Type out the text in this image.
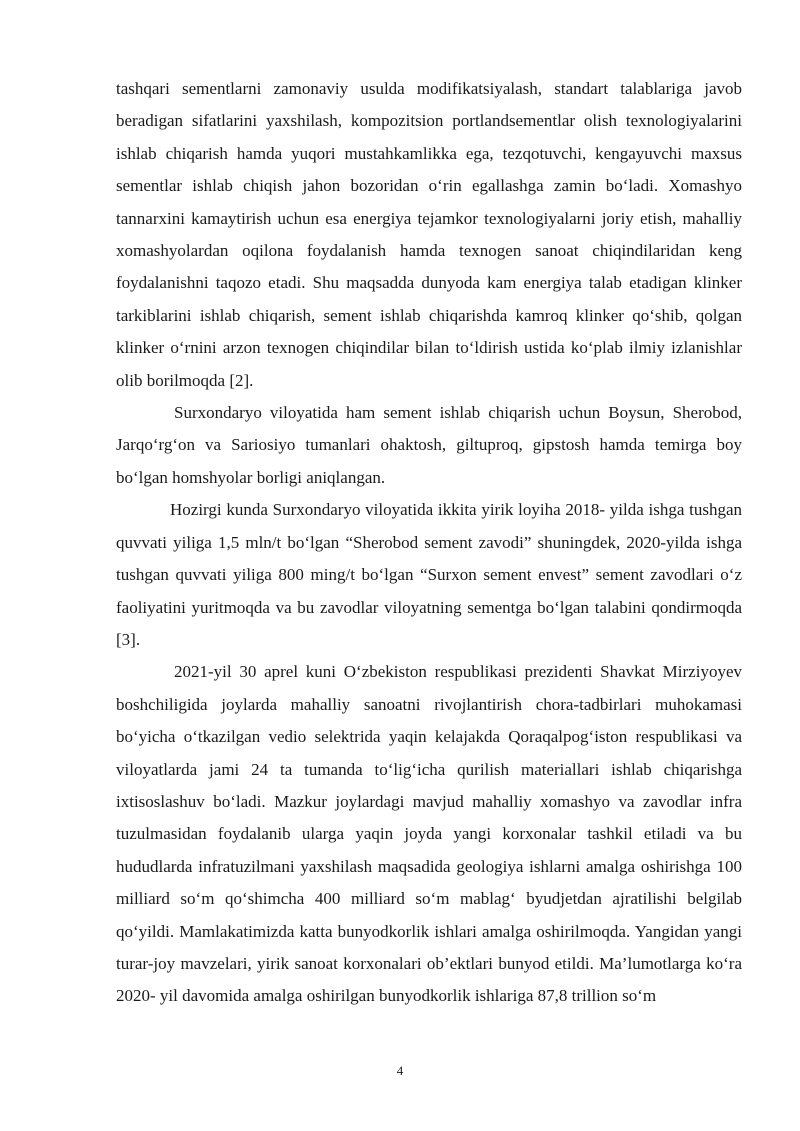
tashqari sementlarni zamonaviy usulda modifikatsiyalash, standart talablariga javob beradigan sifatlarini yaxshilash, kompozitsion portlandsementlar olish texnologiyalarini ishlab chiqarish hamda yuqori mustahkamlikka ega, tezqotuvchi, kengayuvchi maxsus sementlar ishlab chiqish jahon bozoridan o‘rin egallashga zamin bo‘ladi. Xomashyo tannarxini kamaytirish uchun esa energiya tejamkor texnologiyalarni joriy etish, mahalliy xomashyolardan oqilona foydalanish hamda texnogen sanoat chiqindilaridan keng foydalanishni taqozo etadi. Shu maqsadda dunyoda kam energiya talab etadigan klinker tarkiblarini ishlab chiqarish, sement ishlab chiqarishda kamroq klinker qo‘shib, qolgan klinker o‘rnini arzon texnogen chiqindilar bilan to‘ldirish ustida ko‘plab ilmiy izlanishlar olib borilmoqda [2].

Surxondaryo viloyatida ham sement ishlab chiqarish uchun Boysun, Sherobod, Jarqo‘rg‘on va Sariosiyo tumanlari ohaktosh, giltuproq, gipstosh hamda temirga boy bo‘lgan homshyolar borligi aniqlangan.

Hozirgi kunda Surxondaryo viloyatida ikkita yirik loyiha 2018- yilda ishga tushgan quvvati yiliga 1,5 mln/t bo‘lgan “Sherobod sement zavodi” shuningdek, 2020-yilda ishga tushgan quvvati yiliga 800 ming/t bo‘lgan “Surxon sement envest” sement zavodlari o‘z faoliyatini yuritmoqda va bu zavodlar viloyatning sementga bo‘lgan talabini qondirmoqda [3].

2021-yil 30 aprel kuni O‘zbekiston respublikasi prezidenti Shavkat Mirziyoyev boshchiligida joylarda mahalliy sanoatni rivojlantirish chora-tadbirlari muhokamasi bo‘yicha o‘tkazilgan vedio selektrida yaqin kelajakda Qoraqalpog‘iston respublikasi va viloyatlarda jami 24 ta tumanda to‘lig‘icha qurilish materiallari ishlab chiqarishga ixtisoslashuv bo‘ladi. Mazkur joylardagi mavjud mahalliy xomashyo va zavodlar infra tuzulmasidan foydalanib ularga yaqin joyda yangi korxonalar tashkil etiladi va bu hududlarda infratuzilmani yaxshilash maqsadida geologiya ishlarni amalga oshirishga 100 milliard so‘m qo‘shimcha 400 milliard so‘m mablag‘ byudjetdan ajratilishi belgilab qo‘yildi. Mamlakatimizda katta bunyodkorlik ishlari amalga oshirilmoqda. Yangidan yangi turar-joy mavzelari, yirik sanoat korxonalari ob’ektlari bunyod etildi. Ma’lumotlarga ko‘ra 2020- yil davomida amalga oshirilgan bunyodkorlik ishlariga 87,8 trillion so‘m

4
